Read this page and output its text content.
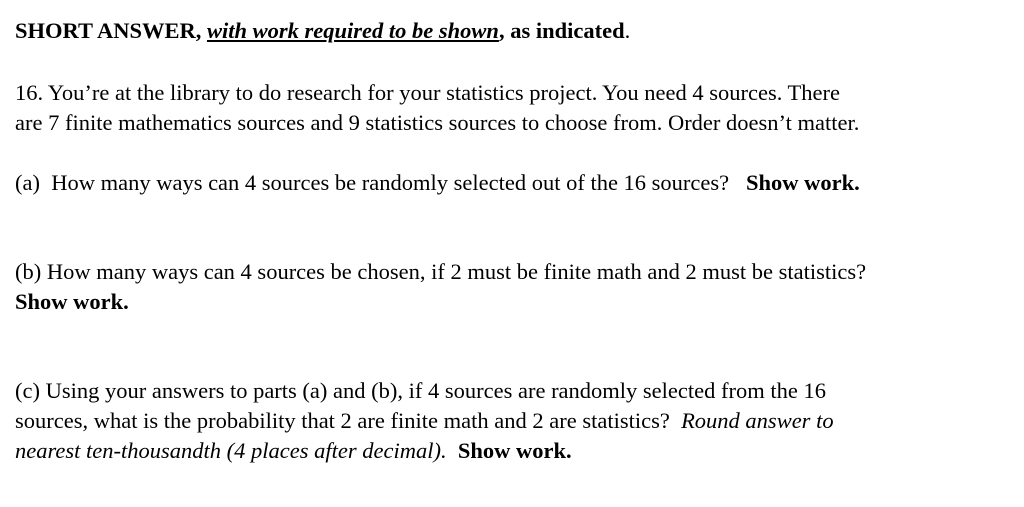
SHORT ANSWER, with work required to be shown, as indicated.
16. You’re at the library to do research for your statistics project. You need 4 sources. There
are 7 finite mathematics sources and 9 statistics sources to choose from. Order doesn’t matter.
(a)  How many ways can 4 sources be randomly selected out of the 16 sources?   Show work.
(b) How many ways can 4 sources be chosen, if 2 must be finite math and 2 must be statistics?
Show work.
(c) Using your answers to parts (a) and (b), if 4 sources are randomly selected from the 16
sources, what is the probability that 2 are finite math and 2 are statistics?  Round answer to
nearest ten-thousandth (4 places after decimal). Show work.
